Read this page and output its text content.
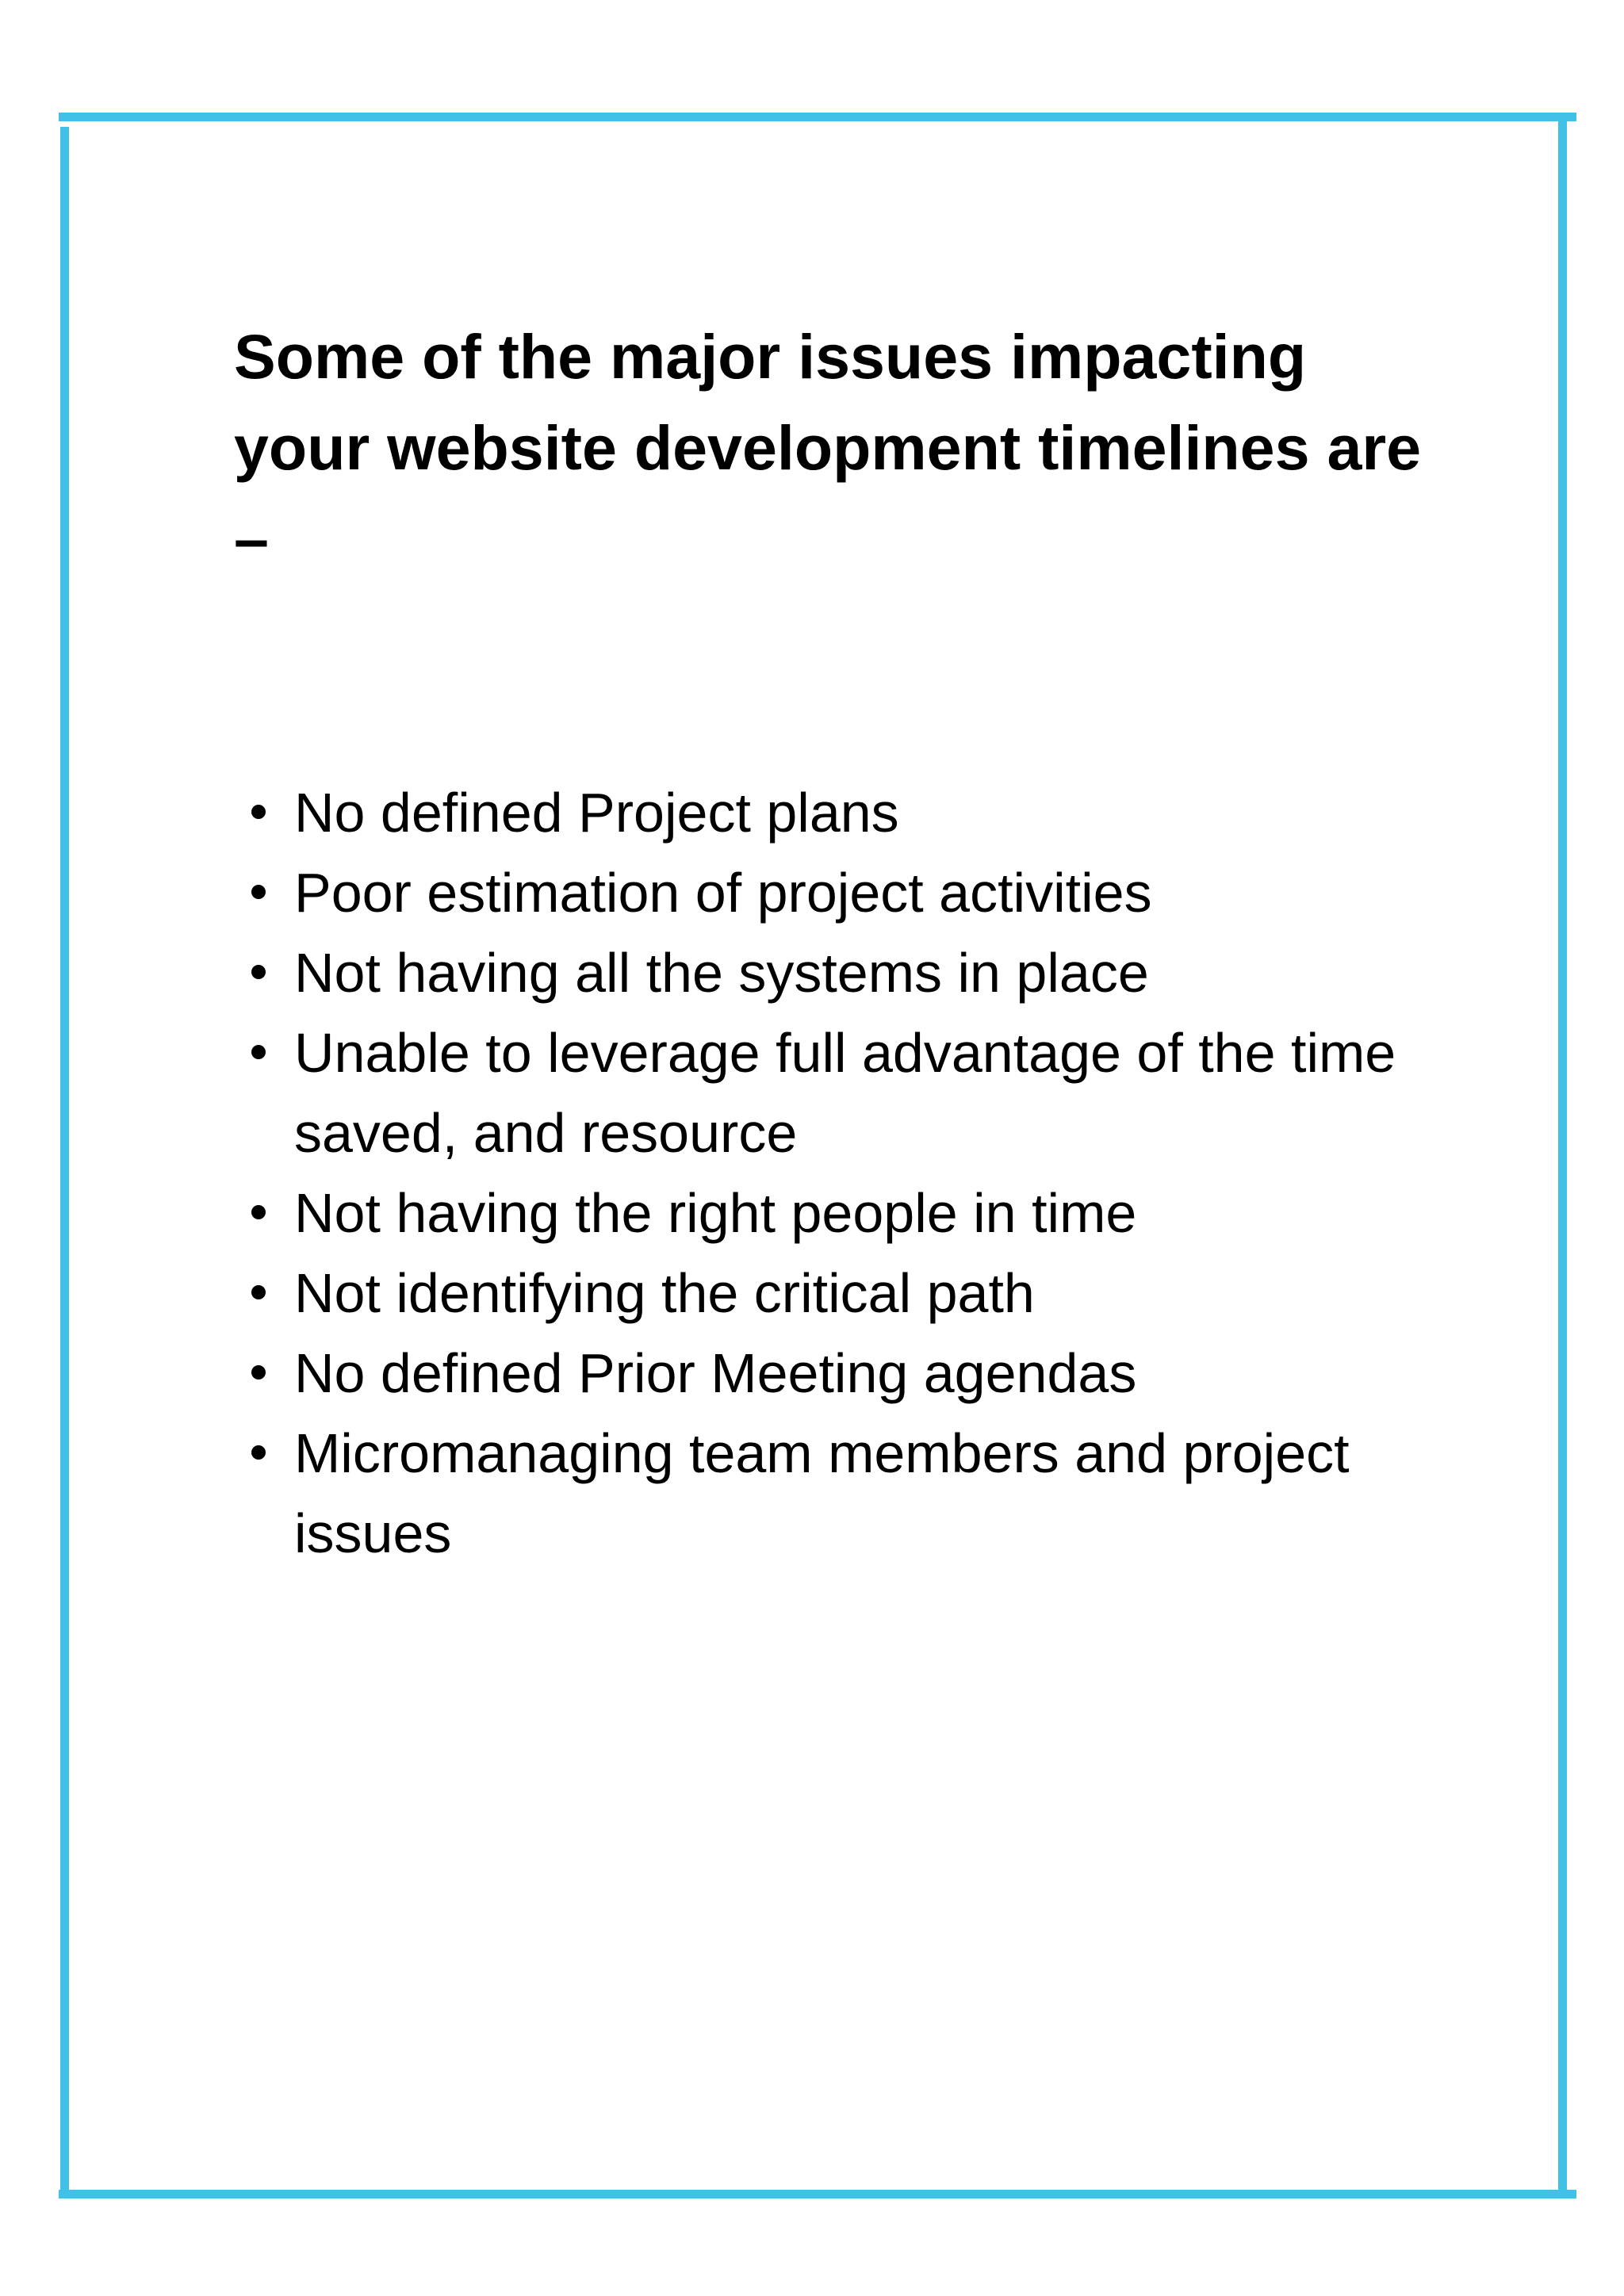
Some of the major issues impacting your website development timelines are –
No defined Project plans
Poor estimation of project activities
Not having all the systems in place
Unable to leverage full advantage of the time saved, and resource
Not having the right people in time
Not identifying the critical path
No defined Prior Meeting agendas
Micromanaging team members and project issues
